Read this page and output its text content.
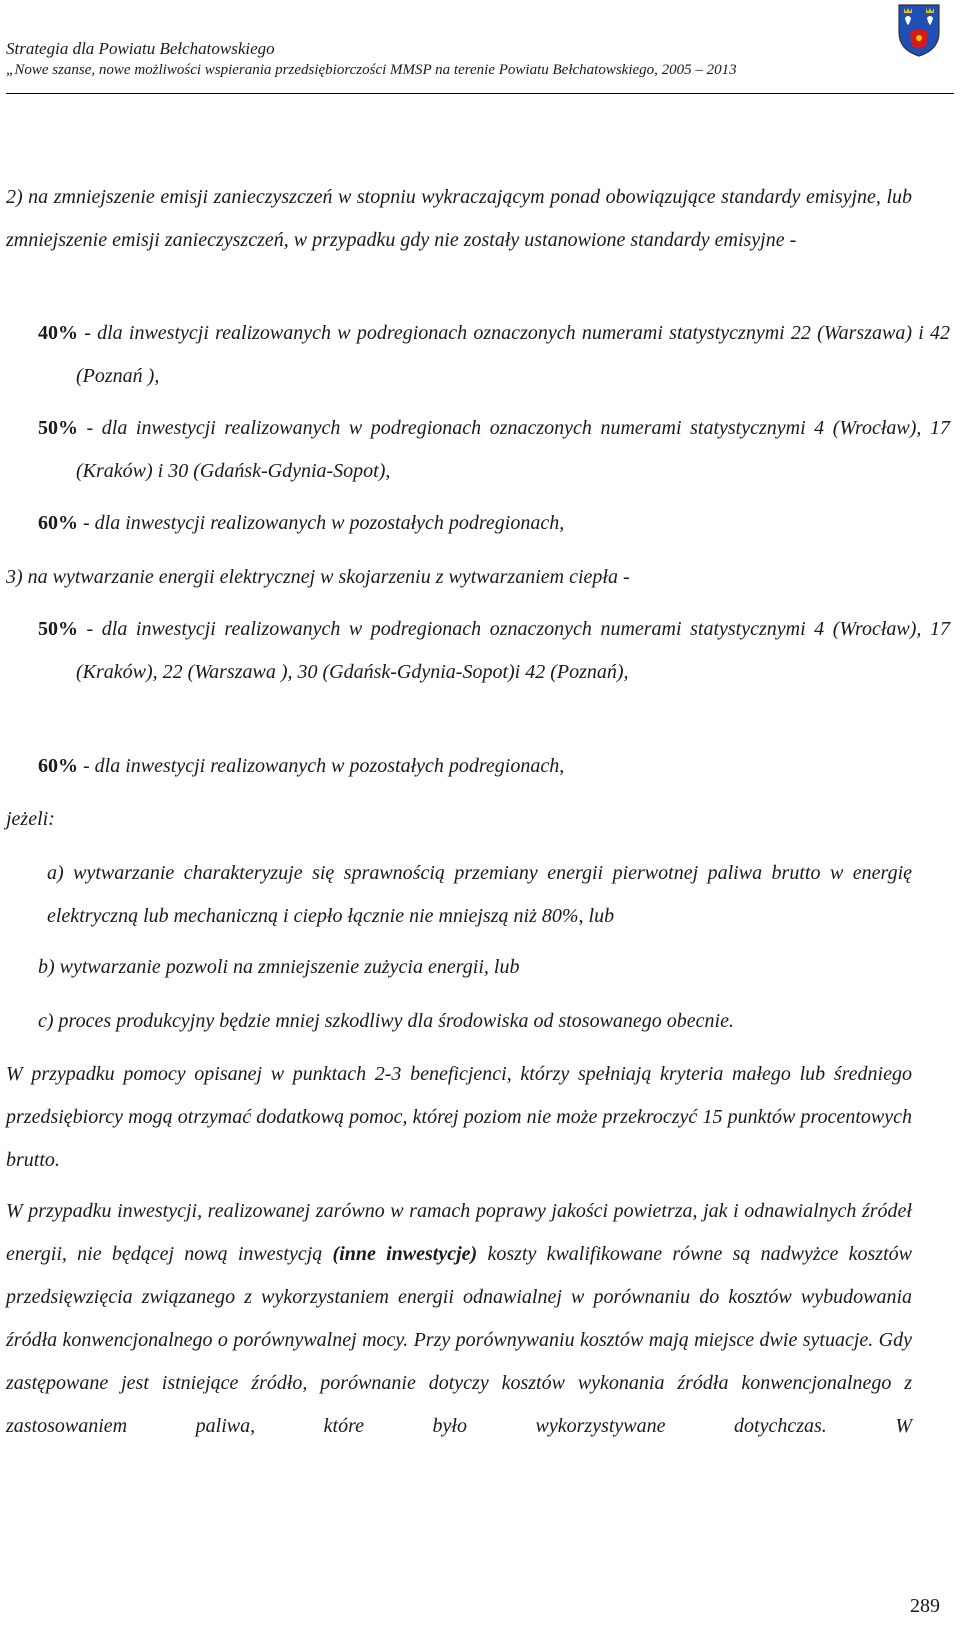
Strategia dla Powiatu Bełchatowskiego
„Nowe szanse, nowe możliwości wspierania przedsiębiorczości MMSP na terenie Powiatu Bełchatowskiego, 2005 – 2013

2) na zmniejszenie emisji zanieczyszczeń w stopniu wykraczającym ponad obowiązujące standardy emisyjne, lub zmniejszenie emisji zanieczyszczeń, w przypadku gdy nie zostały ustanowione standardy emisyjne -

40% - dla inwestycji realizowanych w podregionach oznaczonych numerami statystycznymi 22 (Warszawa) i 42 (Poznań ),

50% - dla inwestycji realizowanych w podregionach oznaczonych numerami statystycznymi 4 (Wrocław), 17 (Kraków) i 30 (Gdańsk-Gdynia-Sopot),

60% - dla inwestycji realizowanych w pozostałych podregionach,

3) na wytwarzanie energii elektrycznej w skojarzeniu z wytwarzaniem ciepła -

50% - dla inwestycji realizowanych w podregionach oznaczonych numerami statystycznymi 4 (Wrocław), 17 (Kraków), 22 (Warszawa ), 30 (Gdańsk-Gdynia-Sopot)i 42 (Poznań),

60% - dla inwestycji realizowanych w pozostałych podregionach,

jeżeli:

a) wytwarzanie charakteryzuje się sprawnością przemiany energii pierwotnej paliwa brutto w energię elektryczną lub mechaniczną i ciepło łącznie nie mniejszą niż 80%, lub

b) wytwarzanie pozwoli na zmniejszenie zużycia energii, lub

c) proces produkcyjny będzie mniej szkodliwy dla środowiska od stosowanego obecnie.

W przypadku pomocy opisanej w punktach 2-3 beneficjenci, którzy spełniają kryteria małego lub średniego przedsiębiorcy mogą otrzymać dodatkową pomoc, której poziom nie może przekroczyć 15 punktów procentowych brutto.

W przypadku inwestycji, realizowanej zarówno w ramach poprawy jakości powietrza, jak i odnawialnych źródeł energii, nie będącej nową inwestycją (inne inwestycje) koszty kwalifikowane równe są nadwyżce kosztów przedsięwzięcia związanego z wykorzystaniem energii odnawialnej w porównaniu do kosztów wybudowania źródła konwencjonalnego o porównywalnej mocy. Przy porównywaniu kosztów mają miejsce dwie sytuacje. Gdy zastępowane jest istniejące źródło, porównanie dotyczy kosztów wykonania źródła konwencjonalnego z zastosowaniem paliwa, które było wykorzystywane dotychczas. W

289
